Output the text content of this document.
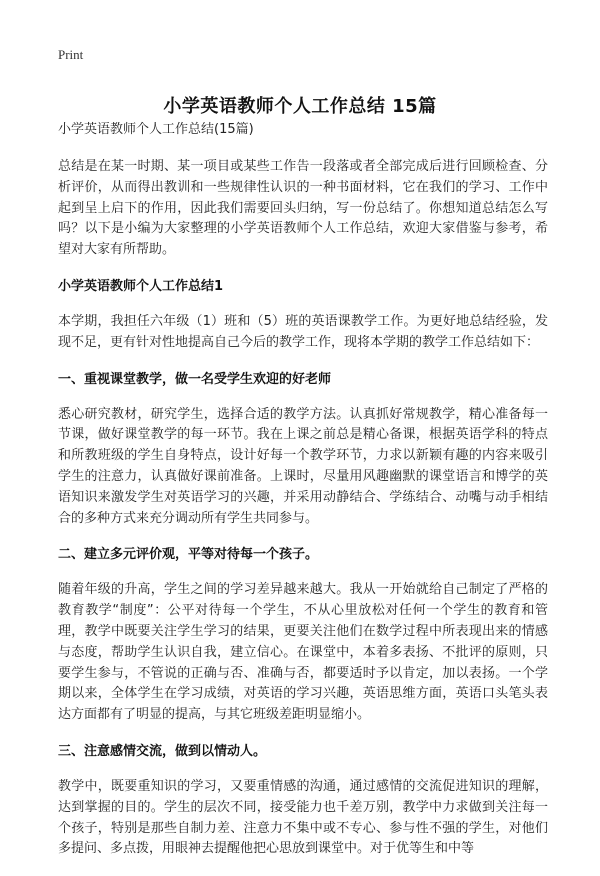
Print
小学英语教师个人工作总结 15篇
小学英语教师个人工作总结(15篇)

总结是在某一时期、某一项目或某些工作告一段落或者全部完成后进行回顾检查、分析评价，从而得出教训和一些规律性认识的一种书面材料，它在我们的学习、工作中起到呈上启下的作用，因此我们需要回头归纳，写一份总结了。你想知道总结怎么写吗？以下是小编为大家整理的小学英语教师个人工作总结，欢迎大家借鉴与参考，希望对大家有所帮助。

小学英语教师个人工作总结1

本学期，我担任六年级（1）班和（5）班的英语课教学工作。为更好地总结经验，发现不足，更有针对性地提高自己今后的教学工作，现将本学期的教学工作总结如下：

一、重视课堂教学，做一名受学生欢迎的好老师

悉心研究教材，研究学生，选择合适的教学方法。认真抓好常规教学，精心准备每一节课，做好课堂教学的每一环节。我在上课之前总是精心备课，根据英语学科的特点和所教班级的学生自身特点，设计好每一个教学环节，力求以新颖有趣的内容来吸引学生的注意力，认真做好课前准备。上课时，尽量用风趣幽默的课堂语言和博学的英语知识来激发学生对英语学习的兴趣，并采用动静结合、学练结合、动嘴与动手相结合的多种方式来充分调动所有学生共同参与。

二、建立多元评价观，平等对待每一个孩子。

随着年级的升高，学生之间的学习差异越来越大。我从一开始就给自己制定了严格的教育教学“制度”：公平对待每一个学生，不从心里放松对任何一个学生的教育和管理，教学中既要关注学生学习的结果，更要关注他们在数学过程中所表现出来的情感与态度，帮助学生认识自我，建立信心。在课堂中，本着多表扬、不批评的原则，只要学生参与，不管说的正确与否、准确与否，都要适时予以肯定，加以表扬。一个学期以来，全体学生在学习成绩，对英语的学习兴趣，英语思维方面，英语口头笔头表达方面都有了明显的提高，与其它班级差距明显缩小。

三、注意感情交流，做到以情动人。

教学中，既要重知识的学习，又要重情感的沟通，通过感情的交流促进知识的理解，达到掌握的目的。学生的层次不同，接受能力也千差万别，教学中力求做到关注每一个孩子，特别是那些自制力差、注意力不集中或不专心、参与性不强的学生，对他们多提问、多点拨，用眼神去提醒他把心思放到课堂中。对于优等生和中等
